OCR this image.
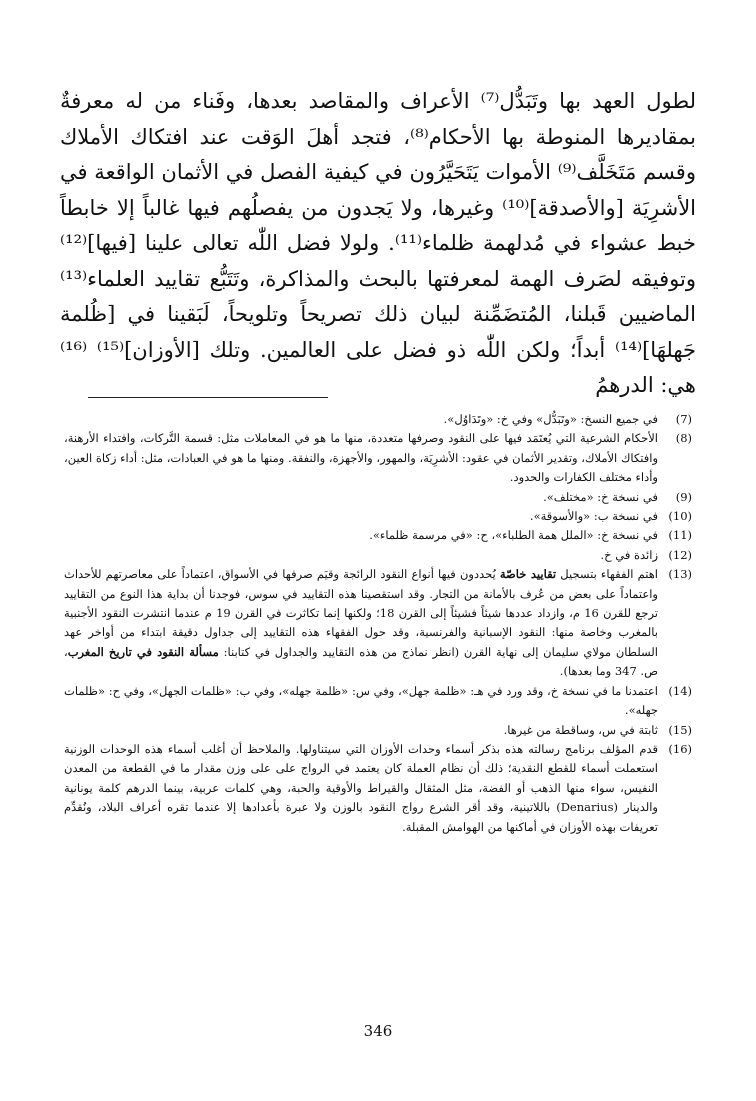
لطول العهد بها وتَبَدُّل⁽⁷⁾ الأعراف والمقاصد بعدها، وفَناء من له معرفةٌ بمقاديرها المنوطة بها الأحكام⁽⁸⁾، فتجد أهلَ الوَقت عند افتكاك الأملاك وقسم مَتَخَلَّف⁽⁹⁾ الأموات يَتَحَيَّرُون في كيفية الفصل في الأثمان الواقعة في الأشرِيَة [والأصدقة]⁽¹⁰⁾ وغيرها، ولا يَجدون من يفصلُهم فيها غالباً إلا خابطاً خبط عشواء في مُدلهمة ظلماء⁽¹¹⁾. ولولا فضل اللّٰه تعالى علينا [فيها]⁽¹²⁾ وتوفيقه لصَرف الهمة لمعرفتها بالبحث والمذاكرة، وتَتَبُّع تقاييد العلماء⁽¹³⁾ الماضيين قَبلنا، المُتضَمِّنة لبيان ذلك تصريحاً وتلويحاً، لَبَقينا في [ظُلمة جَهلهَا]⁽¹⁴⁾ أبداً؛ ولكن اللّٰه ذو فضل على العالمين. وتلك [الأوزان]⁽¹⁵⁾ ⁽¹⁶⁾ هي: الدرهمُ

(7)
في جميع النسخ: «وتَبَدُّل» وفي خ: «وتَدَاوُل».
(8)
الأحكام الشرعية التي يُعتَمَد فيها على النقود وصرفها متعددة، منها ما هو في المعاملات مثل: قسمة التَّركات، وافتداء الأرهنة، وافتكاك الأملاك، وتقدير الأثمان في عقود: الأشرِيَة، والمهور، والأجهزة، والنفقة. ومنها ما هو في العبادات، مثل: أداء زكاة العين، وأداء مختلف الكفارات والحدود.
(9)
في نسخة خ: «مختلف».
(10)
في نسخة ب: «والأسوقة».
(11)
في نسخة خ: «الملل همة الطلباء»، ح: «في مرسمة ظلماء».
(12)
زائدة في خ.
(13)
اهتم الفقهاء بتسجيل تقاييد خاصّة يُحددون فيها أنواع النقود الرائجة وقيَم صرفها في الأسواق، اعتماداً على معاصرتهم للأحداث واعتماداً على بعض من عُرف بالأمانة من التجار. وقد استقصينا هذه التقاييد في سوس، فوجدنا أن بداية هذا النوع من التقاييد ترجع للقرن 16 م، وازداد عددها شيئاً فشيئاً إلى القرن 18؛ ولكنها إنما تكاثرت في القرن 19 م عندما انتشرت النقود الأجنبية بالمغرب وخاصة منها: النقود الإسبانية والفرنسية، وقد حول الفقهاء هذه التقاييد إلى جداول دقيقة ابتداء من أواخر عهد السلطان مولاي سليمان إلى نهاية القرن (انظر نماذج من هذه التقاييد والجداول في كتابنا: مسألة النقود في تاريخ المغرب، ص. 347 وما بعدها).
(14)
اعتمدنا ما في نسخة خ، وقد ورد في هـ: «ظلمة جهل»، وفي س: «ظلمة جهله»، وفي ب: «ظلمات الجهل»، وفي ح: «ظلمات جهله».
(15)
ثابتة في س، وساقطة من غيرها.
(16)
قدم المؤلف برنامج رسالته هذه بذكر أسماء وحدات الأوزان التي سيتناولها. والملاحظ أن أغلب أسماء هذه الوحدات الوزنية استعملت أسماء للقطع النقدية؛ ذلك أن نظام العملة كان يعتمد في الرواج على على وزن مقدار ما في القطعة من المعدن النفيس، سواء منها الذهب أو الفضة، مثل المثقال والقيراط والأوقية والحبة، وهي كلمات عربية، بينما الدرهم كلمة يونانية والدينار (Denarius) باللاتينية، وقد أقر الشرع رواج النقود بالوزن ولا عبرة بأعدادها إلا عندما تقره أعراف البلاد، ونُقدِّم تعريفات بهذه الأوزان في أماكنها من الهوامش المقبلة.
346
